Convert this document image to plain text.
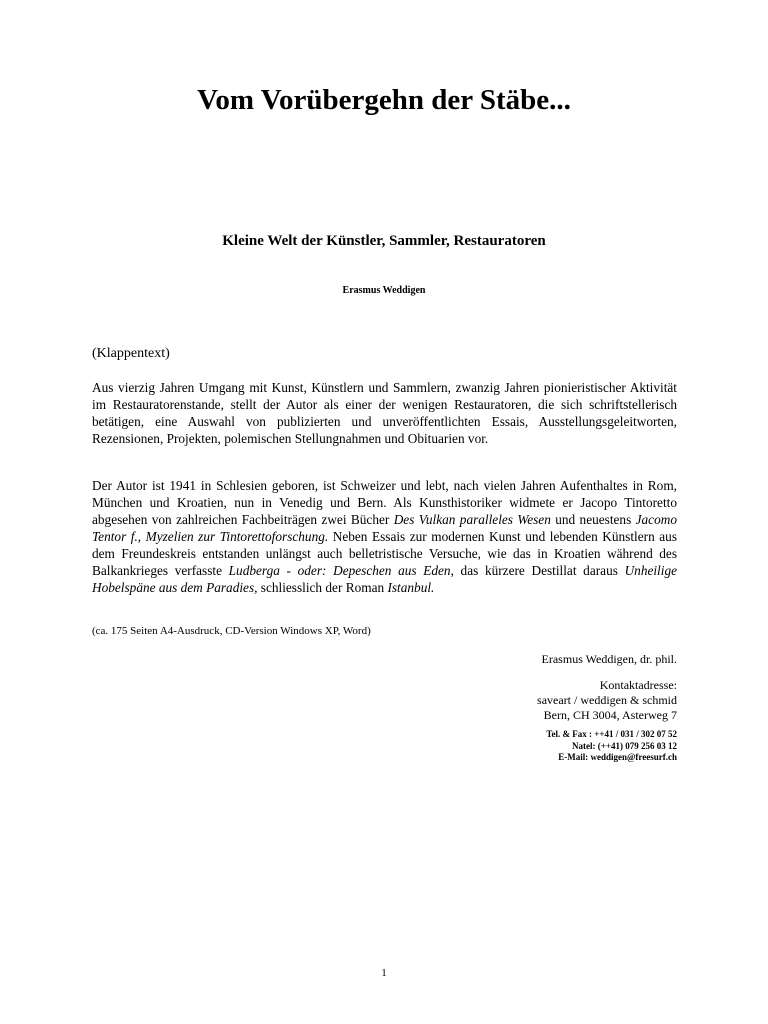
Vom Vorübergehn der Stäbe...
Kleine Welt der Künstler, Sammler, Restauratoren

Erasmus Weddigen

(Klappentext)

Aus vierzig Jahren Umgang mit Kunst, Künstlern und Sammlern, zwanzig Jahren pionieristischer Aktivität im Restauratorenstande, stellt der Autor als einer der wenigen Restauratoren, die sich schriftstellerisch betätigen, eine Auswahl von publizierten und unveröffentlichten Essais, Ausstellungsgeleitworten, Rezensionen, Projekten, polemischen Stellungnahmen und Obituarien vor.

Der Autor ist 1941 in Schlesien geboren, ist Schweizer und lebt, nach vielen Jahren Aufenthaltes in Rom, München und Kroatien, nun in Venedig und Bern. Als Kunsthistoriker widmete er Jacopo Tintoretto abgesehen von zahlreichen Fachbeiträgen zwei Bücher Des Vulkan paralleles Wesen und neuestens Jacomo Tentor f., Myzelien zur Tintorettoforschung. Neben Essais zur modernen Kunst und lebenden Künstlern aus dem Freundeskreis entstanden unlängst auch belletristische Versuche, wie das in Kroatien während des Balkankrieges verfasste Ludberga - oder: Depeschen aus Eden, das kürzere Destillat daraus Unheilige Hobelspäne aus dem Paradies, schliesslich der Roman Istanbul.

(ca. 175 Seiten A4-Ausdruck, CD-Version Windows XP, Word)

Erasmus Weddigen, dr. phil.

Kontaktadresse:
saveart / weddigen & schmid
Bern, CH 3004, Asterweg 7
Tel. & Fax : ++41 / 031 / 302 07 52
Natel: (++41) 079 256 03 12
E-Mail: weddigen@freesurf.ch

1
